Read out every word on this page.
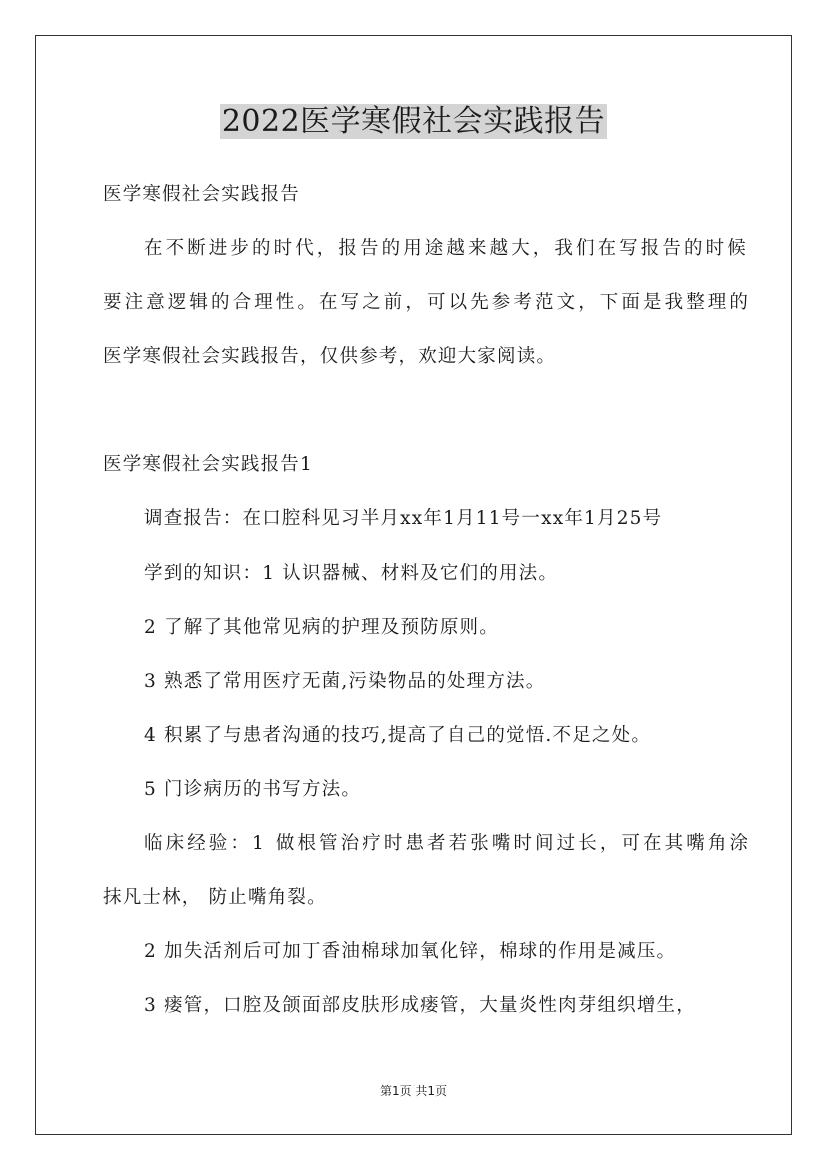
2022医学寒假社会实践报告
医学寒假社会实践报告
在不断进步的时代，报告的用途越来越大，我们在写报告的时候
要注意逻辑的合理性。在写之前，可以先参考范文，下面是我整理的
医学寒假社会实践报告，仅供参考，欢迎大家阅读。
医学寒假社会实践报告1
调查报告：在口腔科见习半月xx年1月11号一xx年1月25号
学到的知识：1 认识器械、材料及它们的用法。
2 了解了其他常见病的护理及预防原则。
3 熟悉了常用医疗无菌,污染物品的处理方法。
4 积累了与患者沟通的技巧,提高了自己的觉悟.不足之处。
5 门诊病历的书写方法。
临床经验：1 做根管治疗时患者若张嘴时间过长，可在其嘴角涂
抹凡士林， 防止嘴角裂。
2 加失活剂后可加丁香油棉球加氧化锌，棉球的作用是减压。
3 瘘管，口腔及颌面部皮肤形成瘘管，大量炎性肉芽组织增生，
第1页 共1页
